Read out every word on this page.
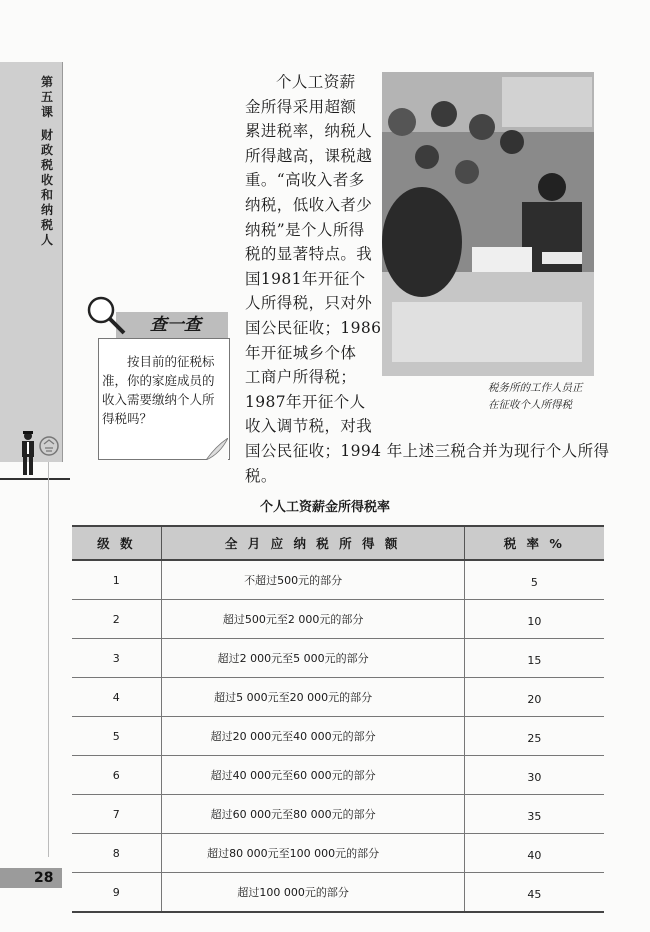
第五课
财政税收和纳税人
28
税务所的工作人员正
在征收个人所得税

个人工资薪

金所得采用超额

累进税率，纳税人

所得越高，课税越

重。“高收入者多

纳税，低收入者少

纳税”是个人所得

税的显著特点。我

国1981年开征个

人所得税，只对外

国公民征收；1986

年开征城乡个体

工商户所得税；

1987年开征个人

收入调节税，对我

国公民征收；1994 年上述三税合并为现行个人所得

税。

查一查
按目前的征税标准，你的家庭成员的收入需要缴纳个人所得税吗？
个人工资薪金所得税率
级 数	全 月 应 纳 税 所 得 额	税 率 %
1	不超过500元的部分	5
2	超过500元至2 000元的部分	10
3	超过2 000元至5 000元的部分	15
4	超过5 000元至20 000元的部分	20
5	超过20 000元至40 000元的部分	25
6	超过40 000元至60 000元的部分	30
7	超过60 000元至80 000元的部分	35
8	超过80 000元至100 000元的部分	40
9	超过100 000元的部分	45
